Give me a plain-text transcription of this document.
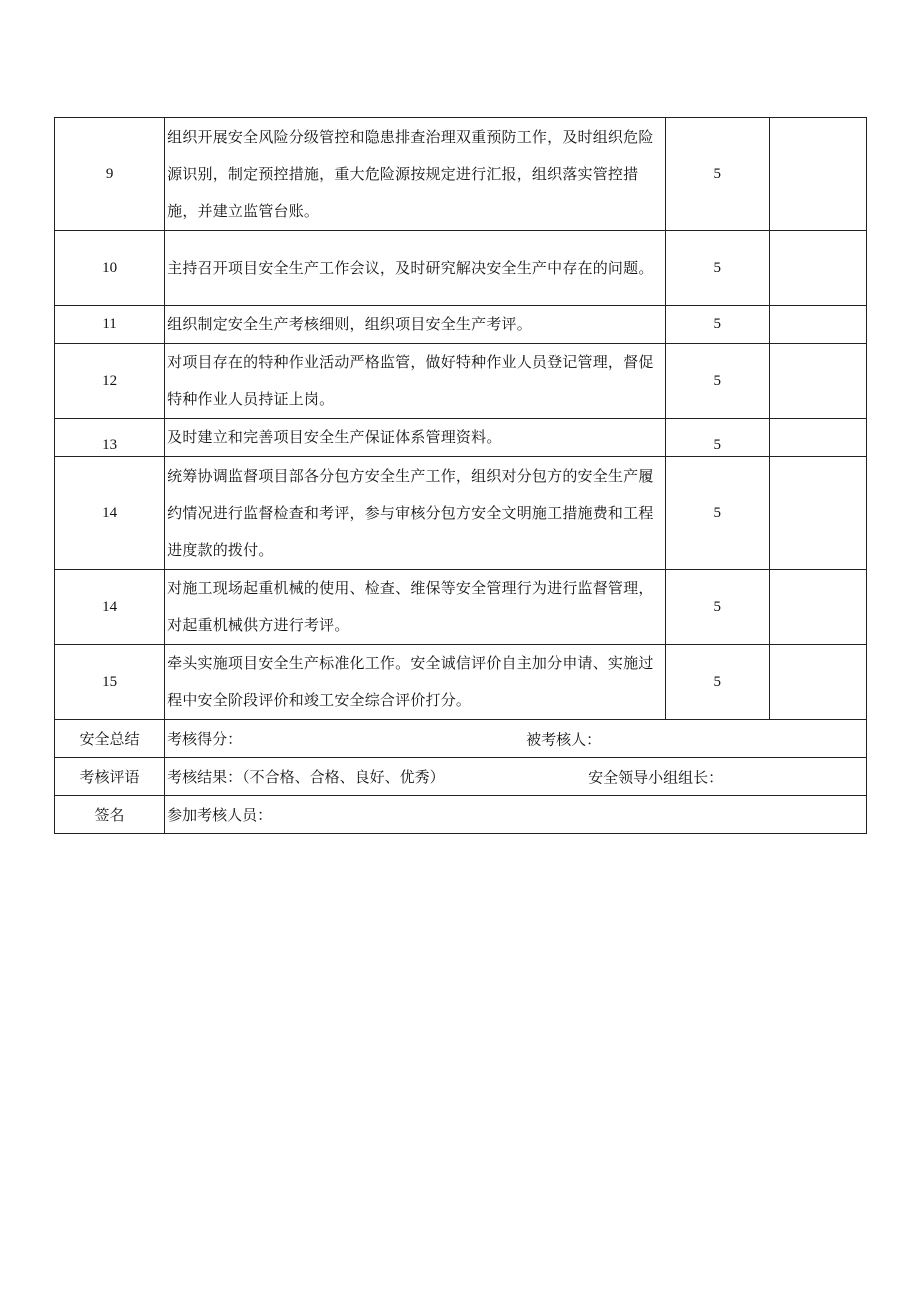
9	组织开展安全风险分级管控和隐患排查治理双重预防工作，及时组织危险源识别，制定预控措施，重大危险源按规定进行汇报，组织落实管控措施，并建立监管台账。	5	
10	主持召开项目安全生产工作会议，及时研究解决安全生产中存在的问题。	5	
11	组织制定安全生产考核细则，组织项目安全生产考评。	5	
12	对项目存在的特种作业活动严格监管，做好特种作业人员登记管理，督促特种作业人员持证上岗。	5	
13	及时建立和完善项目安全生产保证体系管理资料。	5	
14	统筹协调监督项目部各分包方安全生产工作，组织对分包方的安全生产履约情况进行监督检查和考评，参与审核分包方安全文明施工措施费和工程进度款的拨付。	5	
14	对施工现场起重机械的使用、检查、维保等安全管理行为进行监督管理，对起重机械供方进行考评。	5	
15	牵头实施项目安全生产标准化工作。安全诚信评价自主加分申请、实施过程中安全阶段评价和竣工安全综合评价打分。	5	
安全总结	考核得分： 被考核人：		

考核评语	考核结果：（不合格、合格、良好、优秀） 安全领导小组组长：		

签名	参加考核人员：		
